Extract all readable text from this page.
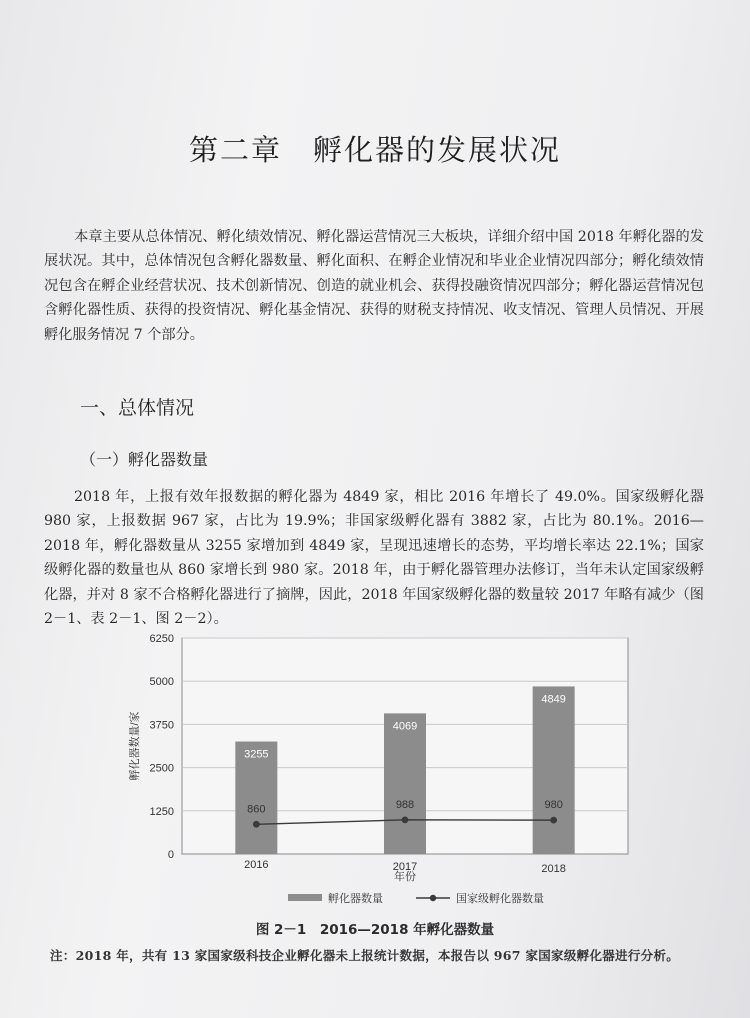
第二章　孵化器的发展状况

本章主要从总体情况、孵化绩效情况、孵化器运营情况三大板块，详细介绍中国 2018 年孵化器的发展状况。其中，总体情况包含孵化器数量、孵化面积、在孵企业情况和毕业企业情况四部分；孵化绩效情况包含在孵企业经营状况、技术创新情况、创造的就业机会、获得投融资情况四部分；孵化器运营情况包含孵化器性质、获得的投资情况、孵化基金情况、获得的财税支持情况、收支情况、管理人员情况、开展孵化服务情况 7 个部分。

一、总体情况
（一）孵化器数量

2018 年，上报有效年报数据的孵化器为 4849 家，相比 2016 年增长了 49.0%。国家级孵化器 980 家，上报数据 967 家，占比为 19.9%；非国家级孵化器有 3882 家，占比为 80.1%。2016—2018 年，孵化器数量从 3255 家增加到 4849 家，呈现迅速增长的态势，平均增长率达 22.1%；国家级孵化器的数量也从 860 家增长到 980 家。2018 年，由于孵化器管理办法修订，当年未认定国家级孵化器，并对 8 家不合格孵化器进行了摘牌，因此，2018 年国家级孵化器的数量较 2017 年略有减少（图 2－1、表 2－1、图 2－2）。

0
1250
2500
3750
5000
6250
孵化器数量/家	3255
4069
4849
860	988	980
2016	2017	2018
年份
孵化器数量	国家级孵化器数量
图 2－1　2016—2018 年孵化器数量
注：2018 年，共有 13 家国家级科技企业孵化器未上报统计数据，本报告以 967 家国家级孵化器进行分析。
